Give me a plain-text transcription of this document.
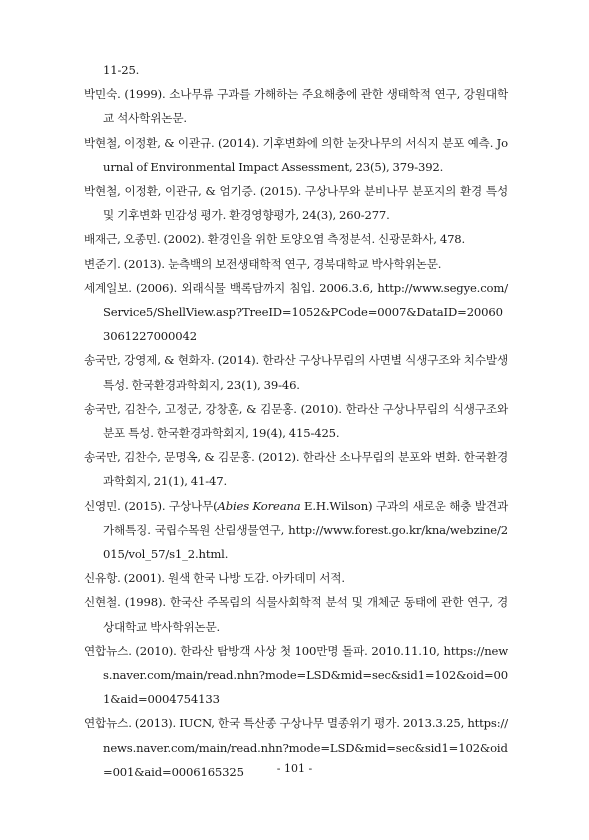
11-25.
박민숙. (1999). 소나무류 구과를 가해하는 주요해충에 관한 생태학적 연구, 강원대학교 석사학위논문.
박현철, 이정환, & 이관규. (2014). 기후변화에 의한 눈잣나무의 서식지 분포 예측. Journal of Environmental Impact Assessment, 23(5), 379-392.
박현철, 이정환, 이관규, & 엄기증. (2015). 구상나무와 분비나무 분포지의 환경 특성 및 기후변화 민감성 평가. 환경영향평가, 24(3), 260-277.
배재근, 오종민. (2002). 환경인을 위한 토양오염 측정분석. 신광문화사, 478.
변준기. (2013). 눈측백의 보전생태학적 연구, 경북대학교 박사학위논문.
세계일보. (2006). 외래식물 백록담까지 침입. 2006.3.6, http://www.segye.com/Service5/ShellView.asp?TreeID=1052&PCode=0007&DataID=200603061227000042
송국만, 강영제, & 현화자. (2014). 한라산 구상나무림의 사면별 식생구조와 치수발생 특성. 한국환경과학회지, 23(1), 39-46.
송국만, 김찬수, 고정군, 강창훈, & 김문홍. (2010). 한라산 구상나무림의 식생구조와 분포 특성. 한국환경과학회지, 19(4), 415-425.
송국만, 김찬수, 문명옥, & 김문홍. (2012). 한라산 소나무림의 분포와 변화. 한국환경과학회지, 21(1), 41-47.
신영민. (2015). 구상나무(Abies Koreana E.H.Wilson) 구과의 새로운 해충 발견과 가해특징. 국립수목원 산림생물연구, http://www.forest.go.kr/kna/webzine/2015/vol_57/s1_2.html.
신유항. (2001). 원색 한국 나방 도감. 아카데미 서적.
신현철. (1998). 한국산 주목림의 식물사회학적 분석 및 개체군 동태에 관한 연구, 경상대학교 박사학위논문.
연합뉴스. (2010). 한라산 탐방객 사상 첫 100만명 돌파. 2010.11.10, https://news.naver.com/main/read.nhn?mode=LSD&mid=sec&sid1=102&oid=001&aid=0004754133
연합뉴스. (2013). IUCN, 한국 특산종 구상나무 멸종위기 평가. 2013.3.25, https://news.naver.com/main/read.nhn?mode=LSD&mid=sec&sid1=102&oid=001&aid=0006165325	- 101 -
